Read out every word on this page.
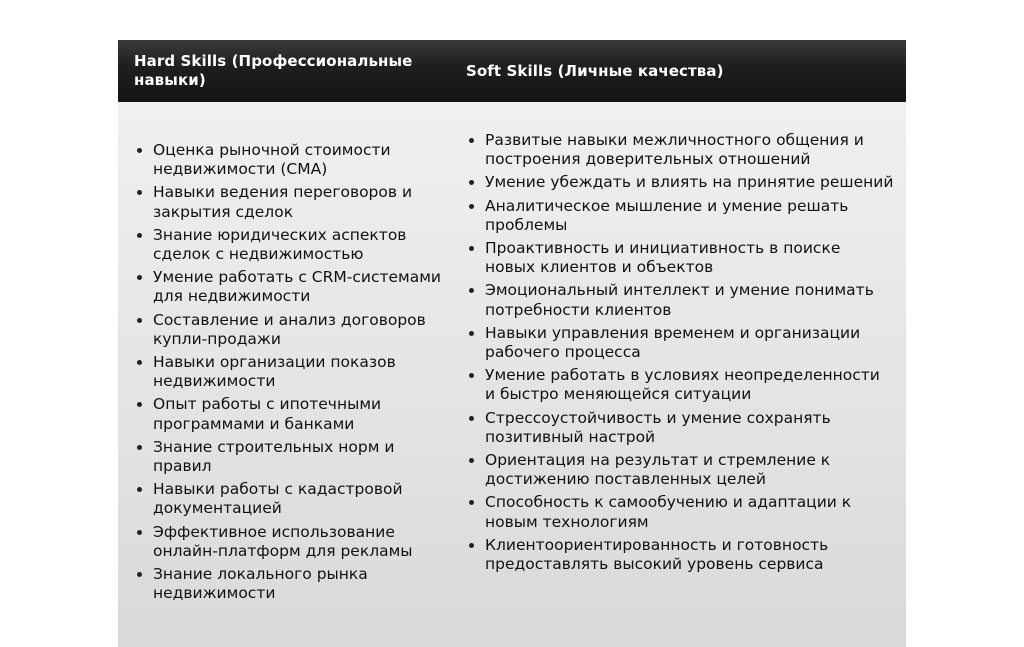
Hard Skills (Профессиональные навыки)	Soft Skills (Личные качества)
Оценка рыночной стоимости недвижимости (CMA)
Навыки ведения переговоров и закрытия сделок
Знание юридических аспектов сделок с недвижимостью
Умение работать с CRM-системами для недвижимости
Составление и анализ договоров купли-продажи
Навыки организации показов недвижимости
Опыт работы с ипотечными программами и банками
Знание строительных норм и правил
Навыки работы с кадастровой документацией
Эффективное использование онлайн-платформ для рекламы
Знание локального рынка недвижимости
Развитые навыки межличностного общения и построения доверительных отношений
Умение убеждать и влиять на принятие решений
Аналитическое мышление и умение решать проблемы
Проактивность и инициативность в поиске новых клиентов и объектов
Эмоциональный интеллект и умение понимать потребности клиентов
Навыки управления временем и организации рабочего процесса
Умение работать в условиях неопределенности и быстро меняющейся ситуации
Стрессоустойчивость и умение сохранять позитивный настрой
Ориентация на результат и стремление к достижению поставленных целей
Способность к самообучению и адаптации к новым технологиям
Клиентоориентированность и готовность предоставлять высокий уровень сервиса
